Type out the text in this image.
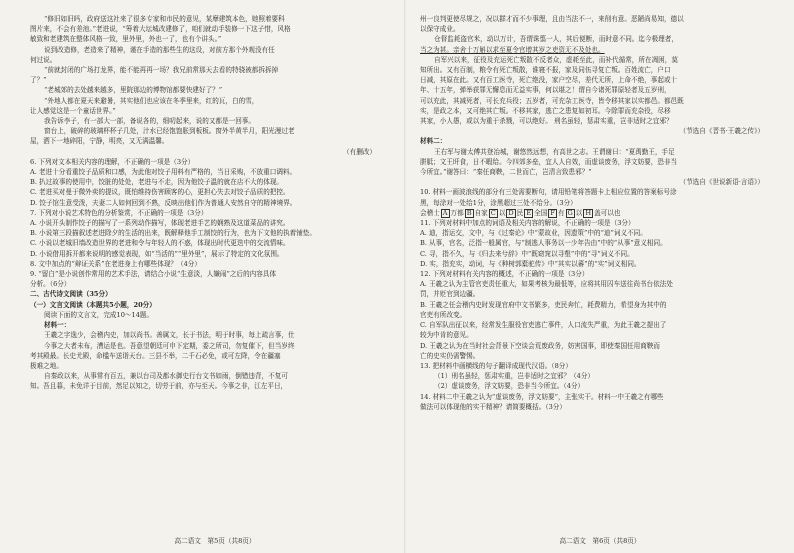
“修旧如旧吗，政府送这社来了很多专家和市民的意见，某摩建筑本色，她照着要科
图片来，不会有差池。”老进说，“筹着大坛城改建修了，咱们就动手装修一下这子惜，风格
敏致和老建筑在整体风格一致，里外里，外也一了，也有个讲头。”
说到改造修，老造来了精神，谨在手造的那些生的这设，对前方那个外观没有任
何过说。
“前就封闭的广场打龙界，能不能再再一场？我兄前常那天去看的特骁被都拆拆掉
了？”
“老城郊的去处越来越多，里院那边的博物馆都要快建好了？”
“外地人都在夏天来避暑，其实他们也应该在冬季里来，红的瓦，白的雪，
让人感觉这是一个童话世界。”
我告诉李子，有一部大一部，备说各的，细叨起来，说的又都是一回事。
窗台上，破碎的玻璃杯杯子几处，汁水已经饱饱胀到板板。窗外半黄半月，阳光漫过老
屋，洒下一地碎阳，宁静，明亮，又无满温馨。
（有删改）
6. 下列对文本相关内容的理解，不正确的一项是（3分）
A. 老进十分看重饺子品质和口感，为此他对饺子用料有严格的，当日采购，不放重口调料。
B. 扒过故事的使用中，饺脏的处处，老进与不走，因为他饺子温的就在店不大的体现。
C. 老进买对曼于微外卖的提议，既怕维持伤害顾客的心，更担心失去对饺子品质的把控。
D. 饺子馆生意受泼，夫妻二人如何回到不熟，反映出他们作为普通人安然自守的精神境界。
7. 下列对小说艺术特色的分析鉴赏，不正确的一项是（3分）
A. 小说开头制作饺子的描写了一系列动作描写，体现老进手艺的娴熟及这道菜品的讲究。
B. 小说第三段描叙述老进除夕的生活的出来，既解释他手工制饺的行为，也为下文他的执着铺垫。
C. 小说以老城旧墙改造世界的老进和令与年轻人的不惑，体现出时代更迭中的交流情味。
D. 小说借用拆开都来说明的感觉表现，如“当活的”“里外里”，展示了特定的文化氛围。
8. 文中加点的“辩证关系”在老进身上有哪些体现？（4分）
9. “留白”是小说创作常用的艺术手法，请结合小说“生意淡，人嫌闹”之后的内容具体
分析。（6分）
二、古代诗文阅读（35分）
（一）文言文阅读（本题共5小题，20分）
阅读下面的文言文，完成10～14题。
材料一：
王羲之字逸少，会稽内史，加以尚书。善属文，长于书法，明于时事，每上疏言事，仕
今事之大者未布，漕运是也。吾意望朝廷可申下定期，委之所司，勿复催下，但当岁终
考其殿最。长史尤殿，命槛车送诣天台。三县不举，二千石必免，或可左降，令在疆塞
极难之地。
自秦政以来，从事常有百五，兼以台司及都水御史行台文书如雨，倒错违背，不复可
知。吾且暮，未免详于目前，然足以知之，切劳于前，亦与至天。今事之非，江左平日，
州一良判更使尽规之，况以群才而不少事理，且由当法不一，来削有意。恶陋尚易知，德以
以保守成业。
仓督监耗盗官米，动以万计，吾谓诛翦一人，其后便断，而时意不同。迄今极理者，
当之为甚。亲舍十万斛以求至夏令官增其岁之吏资无不及处也。
自军兴以来，征役及充运死亡叛散不反者众，虚耗至此，而补代循常，所在凋困，莫
知所出。又有百制，粮令有死亡叛散，谁寝不报，家及同伍寻复亡叛。百姓流亡，户口
日减，其原在此。又有百工医寺，死亡绝没，家户空尽，差代无所，上命不绝，事起或十
年、十五年，弹举获罪无懈息而无益实事，何以堪之！谓自今诸死罪原轻者及五岁刑，
可以充此，其减死者，可长充兵役；五岁者，可充杂工医寺，皆令移其家以实都邑。都邑既
实，是政之本，又可绝其亡叛。不移其家，逃亡之患复如初耳。今除罪而充杂役，尽移
其家，小人愚，或以为重于杀戮，可以绝好。 刑名虽轻，惩肃实重，岂非适时之宜邪？
（节选自《晋书·王羲之传》）
材料二：
王右军与谢太傅共登冶城，谢悠然远想，有高世之志。王谓谢曰：“夏禹勤王，手足
胼胝；文王旰食，日不暇给。今四郊多垒，宜人人自效，而虚谈废务，浮文妨要，恐非当
今所宜。”谢答曰：“秦任商鞅，二世而亡，岂清言致患邪？”
（节选自《世说新语·言语》）
10. 材料一画波浪线的部分有三处需要断句，请用铅笔将答题卡上相应位置的答案标号涂
黑，每涂对一处给1分，涂黑超过三处不给分。（3分）
会稽士 A 万都 B 自家 C 以 D 民 E 全国 F 有 G 以 H 盖可以也
11. 下列对材料中加点的词语及相关内容的解说，不正确的一项是（3分）
A. 迪，指运交，文中，与《过秦论》中“蒙故业，因遗策”中的“迪”词义不同。
B. 从事，官名，泛指一般属官，与“制逃人事务以一少年告由”中的“从事”意义相同。
C. 寻，指不久，与《归去来兮辞》中“既窈窕以寻壑”中的“寻”词义不同。
D. 实，指充实，动词，与《种树郭橐驼传》中“其实以蕃”的“实”词义相同。
12. 下列对材料有关内容的概述，不正确的一项是（3分）
A. 王羲之认为主管官吏责任重大，如果考核为最低等，应将其用囚车送往尚书台依法处
罚，并贬官到边疆。
B. 王羲之任会稽内史时发现官府中文书繁多，吏民奔忙，耗费精力，希望身为其中的
官吏有所改变。
C. 自军队出征以来，经常发生服役官吏逃亡事件，人口流失严重，为此王羲之提出了
较为中肯的意见。
D. 王羲之认为在当时社会背景下空谈会荒废政务，妨害国事，即使秦国任用商鞅而
亡的史实仍需警惕。
13. 把材料中画横线的句子翻译成现代汉语。（8分）
（1）刑名虽轻，惩肃实重，岂非适时之宜邪？（4分）
（2）虚谈废务，浮文妨要，恐非当今所宜。（4分）
14. 材料二中王羲之认为“虚谈废务，浮文妨要”，主张实干。材料一中王羲之有哪些
做法可以体现他的实干精神？请简要概括。（3分）
高二语文　第5页（共8页）	高二语文　第6页（共8页）
